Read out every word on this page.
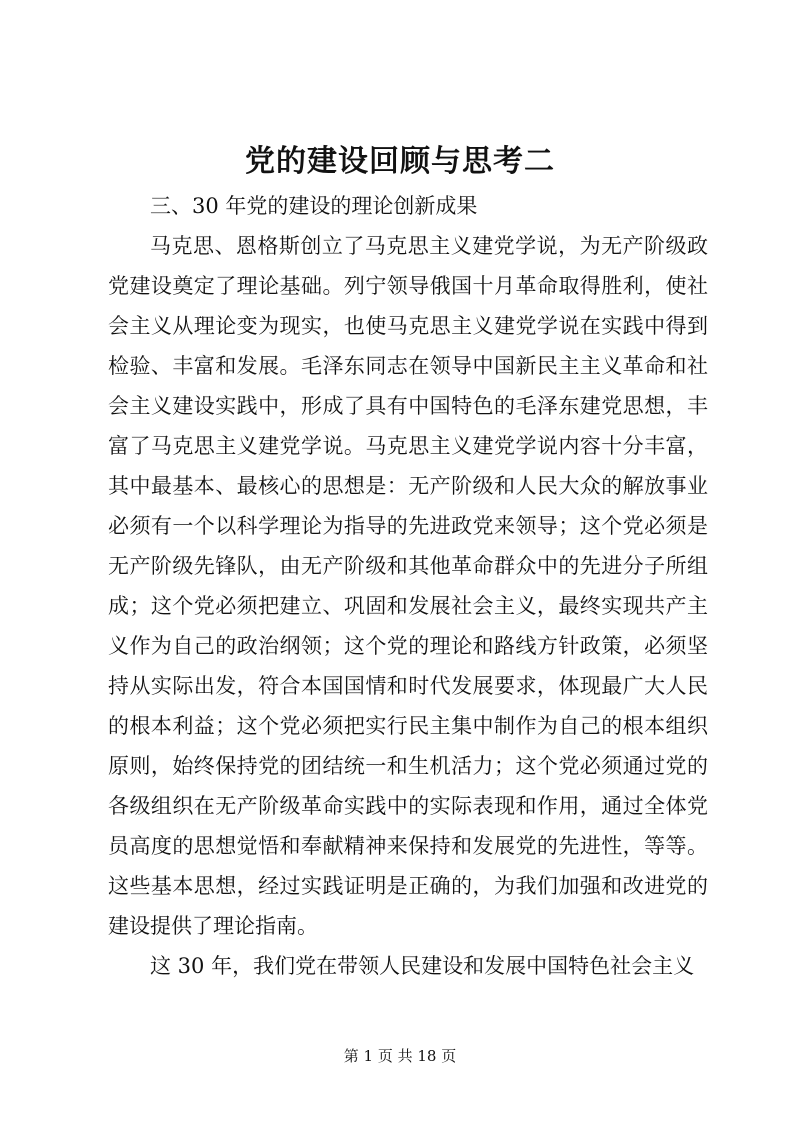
党的建设回顾与思考二
三、30 年党的建设的理论创新成果
马克思、恩格斯创立了马克思主义建党学说，为无产阶级政
党建设奠定了理论基础。列宁领导俄国十月革命取得胜利，使社
会主义从理论变为现实，也使马克思主义建党学说在实践中得到
检验、丰富和发展。毛泽东同志在领导中国新民主主义革命和社
会主义建设实践中，形成了具有中国特色的毛泽东建党思想，丰
富了马克思主义建党学说。马克思主义建党学说内容十分丰富，
其中最基本、最核心的思想是：无产阶级和人民大众的解放事业
必须有一个以科学理论为指导的先进政党来领导；这个党必须是
无产阶级先锋队，由无产阶级和其他革命群众中的先进分子所组
成；这个党必须把建立、巩固和发展社会主义，最终实现共产主
义作为自己的政治纲领；这个党的理论和路线方针政策，必须坚
持从实际出发，符合本国国情和时代发展要求，体现最广大人民
的根本利益；这个党必须把实行民主集中制作为自己的根本组织
原则，始终保持党的团结统一和生机活力；这个党必须通过党的
各级组织在无产阶级革命实践中的实际表现和作用，通过全体党
员高度的思想觉悟和奉献精神来保持和发展党的先进性，等等。
这些基本思想，经过实践证明是正确的，为我们加强和改进党的
建设提供了理论指南。
这 30 年，我们党在带领人民建设和发展中国特色社会主义
第 1 页 共 18 页
